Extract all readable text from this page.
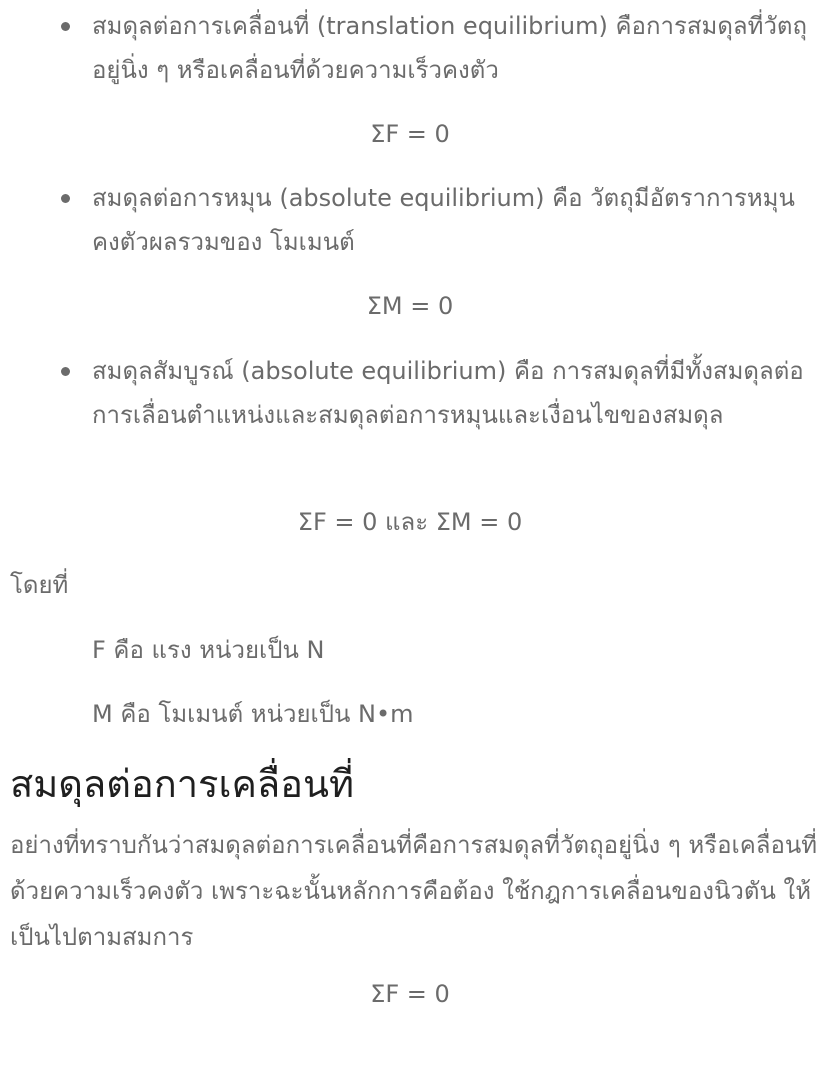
สมดุลต่อการเคลื่อนที่ (translation equilibrium) คือการสมดุลที่วัตถุอยู่นิ่ง ๆ หรือเคลื่อนที่ด้วยความเร็วคงตัว
สมดุลต่อการหมุน (absolute equilibrium) คือ วัตถุมีอัตราการหมุนคงตัวผลรวมของ โมเมนต์
สมดุลสัมบูรณ์ (absolute equilibrium) คือ การสมดุลที่มีทั้งสมดุลต่อการเลื่อนตำแหน่งและสมดุลต่อการหมุนและเงื่อนไขของสมดุล
ΣF = 0
ΣM = 0
ΣF = 0 และ ΣM = 0
โดยที่
F คือ แรง หน่วยเป็น N
M คือ โมเมนต์ หน่วยเป็น N•m
สมดุลต่อการเคลื่อนที่

อย่างที่ทราบกันว่าสมดุลต่อการเคลื่อนที่คือการสมดุลที่วัตถุอยู่นิ่ง ๆ หรือเคลื่อนที่ด้วยความเร็วคงตัว เพราะฉะนั้นหลักการคือต้อง ใช้กฎการเคลื่อนของนิวตัน ให้เป็นไปตามสมการ

ΣF = 0
